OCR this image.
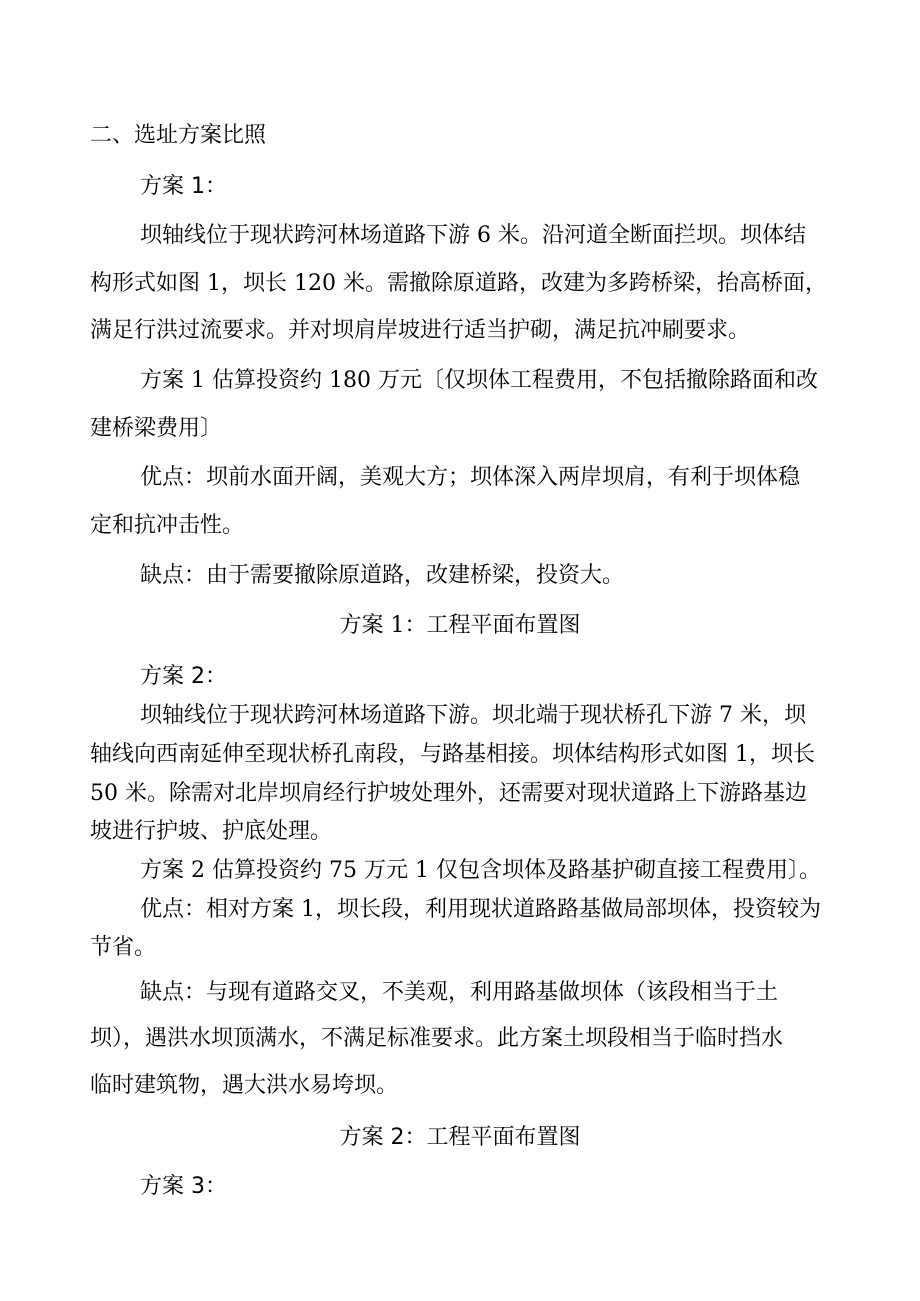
二、选址方案比照
方案 1：
坝轴线位于现状跨河林场道路下游 6 米。沿河道全断面拦坝。坝体结
构形式如图 1，坝长 120 米。需撤除原道路，改建为多跨桥梁，抬高桥面，
满足行洪过流要求。并对坝肩岸坡进行适当护砌，满足抗冲刷要求。
方案 1 估算投资约 180 万元〔仅坝体工程费用，不包括撤除路面和改
建桥梁费用〕
优点：坝前水面开阔，美观大方；坝体深入两岸坝肩，有利于坝体稳
定和抗冲击性。
缺点：由于需要撤除原道路，改建桥梁，投资大。
方案 1：工程平面布置图
方案 2：
坝轴线位于现状跨河林场道路下游。坝北端于现状桥孔下游 7 米，坝
轴线向西南延伸至现状桥孔南段，与路基相接。坝体结构形式如图 1，坝长
50 米。除需对北岸坝肩经行护坡处理外，还需要对现状道路上下游路基边
坡进行护坡、护底处理。
方案 2 估算投资约 75 万元 1 仅包含坝体及路基护砌直接工程费用〕。
优点：相对方案 1，坝长段，利用现状道路路基做局部坝体，投资较为
节省。
缺点：与现有道路交叉，不美观，利用路基做坝体（该段相当于土
坝），遇洪水坝顶满水，不满足标准要求。此方案土坝段相当于临时挡水
临时建筑物，遇大洪水易垮坝。
方案 2：工程平面布置图
方案 3：
